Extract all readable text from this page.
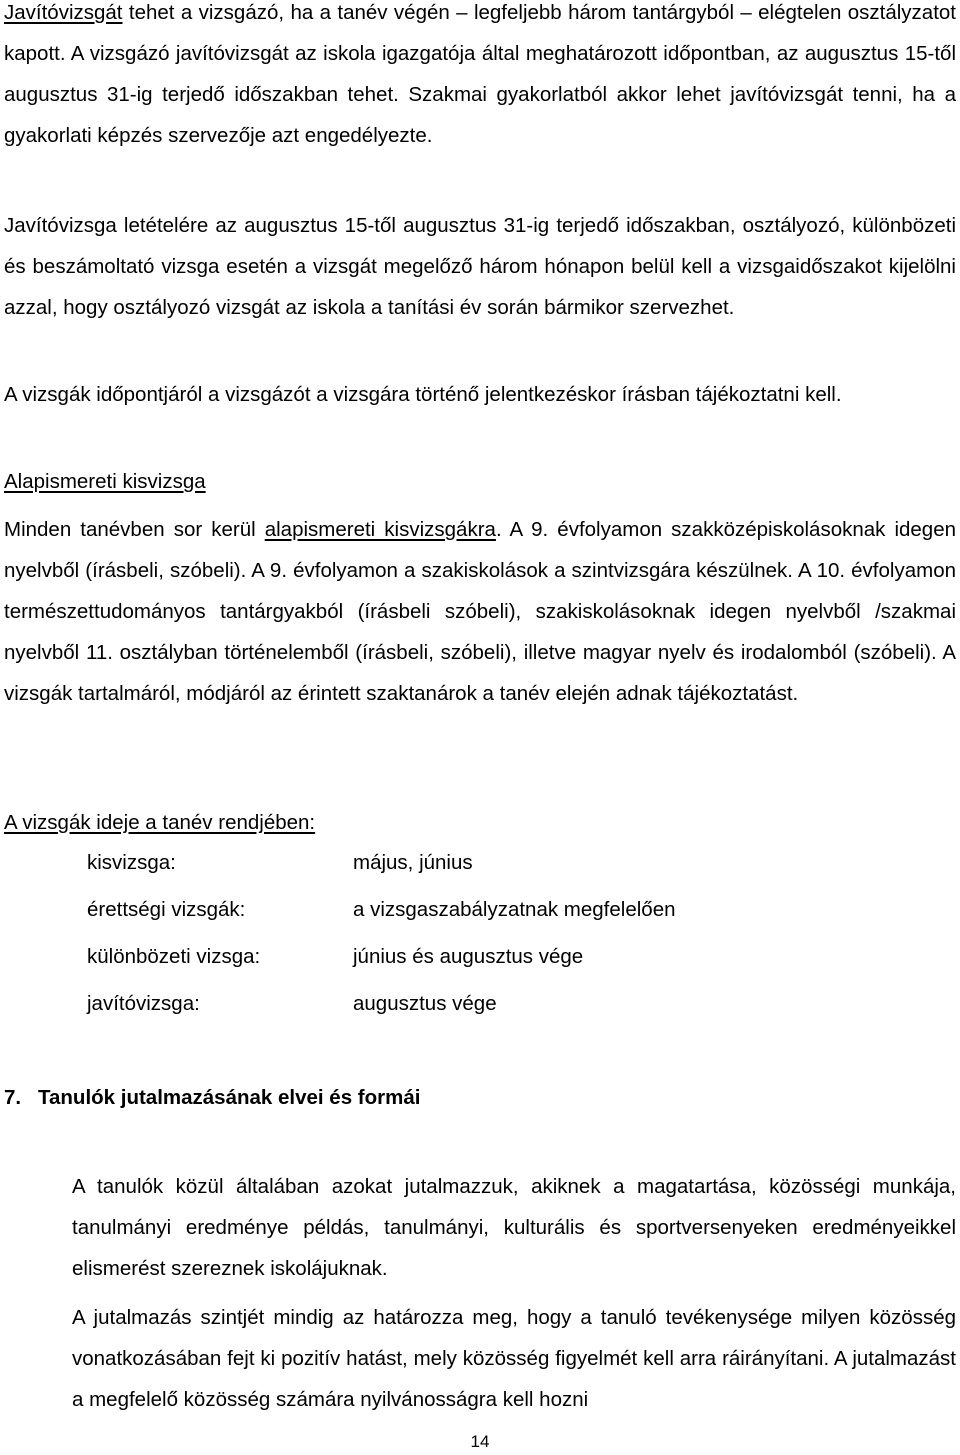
Javítóvizsgát tehet a vizsgázó, ha a tanév végén – legfeljebb három tantárgyból – elégtelen osztályzatot kapott. A vizsgázó javítóvizsgát az iskola igazgatója által meghatározott időpontban, az augusztus 15-től augusztus 31-ig terjedő időszakban tehet. Szakmai gyakorlatból akkor lehet javítóvizsgát tenni, ha a gyakorlati képzés szervezője azt engedélyezte.

Javítóvizsga letételére az augusztus 15-től augusztus 31-ig terjedő időszakban, osztályozó, különbözeti és beszámoltató vizsga esetén a vizsgát megelőző három hónapon belül kell a vizsgaidőszakot kijelölni azzal, hogy osztályozó vizsgát az iskola a tanítási év során bármikor szervezhet.

A vizsgák időpontjáról a vizsgázót a vizsgára történő jelentkezéskor írásban tájékoztatni kell.

Alapismereti kisvizsga

Minden tanévben sor kerül alapismereti kisvizsgákra. A 9. évfolyamon szakközépiskolásoknak idegen nyelvből (írásbeli, szóbeli). A 9. évfolyamon a szakiskolások a szintvizsgára készülnek. A 10. évfolyamon természettudományos tantárgyakból (írásbeli szóbeli), szakiskolásoknak idegen nyelvből /szakmai nyelvből 11. osztályban történelemből (írásbeli, szóbeli), illetve magyar nyelv és irodalomból (szóbeli). A vizsgák tartalmáról, módjáról az érintett szaktanárok a tanév elején adnak tájékoztatást.

A vizsgák ideje a tanév rendjében:

kisvizsga:	május, június
érettségi vizsgák:	a vizsgaszabályzatnak megfelelően
különbözeti vizsga:	június és augusztus vége
javítóvizsga:	augusztus vége
7. Tanulók jutalmazásának elvei és formái

A tanulók közül általában azokat jutalmazzuk, akiknek a magatartása, közösségi munkája, tanulmányi eredménye példás, tanulmányi, kulturális és sportversenyeken eredményeikkel elismerést szereznek iskolájuknak.

A jutalmazás szintjét mindig az határozza meg, hogy a tanuló tevékenysége milyen közösség vonatkozásában fejt ki pozitív hatást, mely közösség figyelmét kell arra ráirányítani. A jutalmazást a megfelelő közösség számára nyilvánosságra kell hozni

14
